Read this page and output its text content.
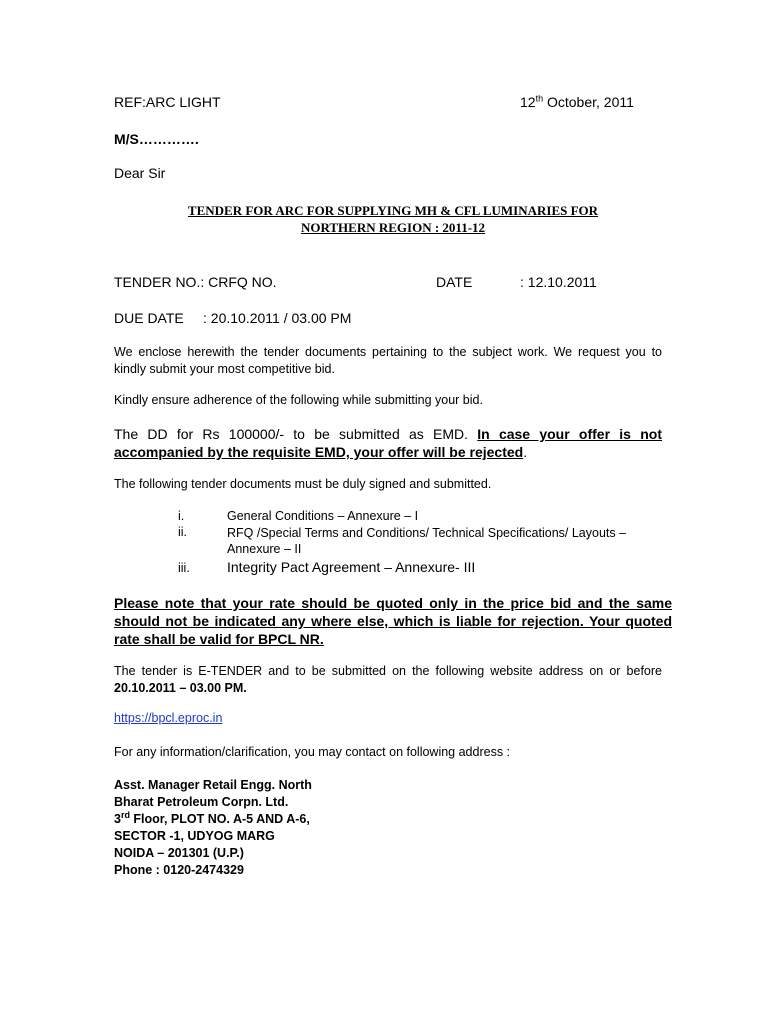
REF:ARC LIGHT	12th October, 2011
M/S………….
Dear Sir
TENDER FOR ARC FOR SUPPLYING MH & CFL LUMINARIES FOR
NORTHERN REGION : 2011-12
TENDER NO.: CRFQ NO.	DATE	: 12.10.2011
DUE DATE : 20.10.2011 / 03.00 PM
We enclose herewith the tender documents pertaining to the subject work. We request you to kindly submit your most competitive bid.
Kindly ensure adherence of the following while submitting your bid.
The DD for Rs 100000/- to be submitted as EMD. In case your offer is not accompanied by the requisite EMD, your offer will be rejected.
The following tender documents must be duly signed and submitted.
i.	General Conditions – Annexure – I
ii.	RFQ /Special Terms and Conditions/ Technical Specifications/ Layouts – Annexure – II
iii.	Integrity Pact Agreement – Annexure- III
Please note that your rate should be quoted only in the price bid and the same should not be indicated any where else, which is liable for rejection. Your quoted rate shall be valid for BPCL NR.
The tender is E-TENDER and to be submitted on the following website address on or before 20.10.2011 – 03.00 PM.
https://bpcl.eproc.in
For any information/clarification, you may contact on following address :
Asst. Manager Retail Engg. North
Bharat Petroleum Corpn. Ltd.
3rd Floor, PLOT NO. A-5 AND A-6,
SECTOR -1, UDYOG MARG
NOIDA – 201301 (U.P.)
Phone : 0120-2474329
